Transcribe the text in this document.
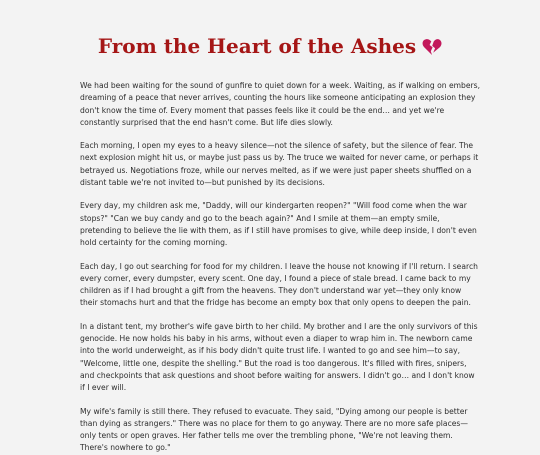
From the Heart of the Ashes

We had been waiting for the sound of gunfire to quiet down for a week. Waiting, as if walking on embers, dreaming of a peace that never arrives, counting the hours like someone anticipating an explosion they don't know the time of. Every moment that passes feels like it could be the end… and yet we're constantly surprised that the end hasn't come. But life dies slowly.

Each morning, I open my eyes to a heavy silence—not the silence of safety, but the silence of fear. The next explosion might hit us, or maybe just pass us by. The truce we waited for never came, or perhaps it betrayed us. Negotiations froze, while our nerves melted, as if we were just paper sheets shuffled on a distant table we're not invited to—but punished by its decisions.

Every day, my children ask me, "Daddy, will our kindergarten reopen?" "Will food come when the war stops?" "Can we buy candy and go to the beach again?" And I smile at them—an empty smile, pretending to believe the lie with them, as if I still have promises to give, while deep inside, I don't even hold certainty for the coming morning.

Each day, I go out searching for food for my children. I leave the house not knowing if I'll return. I search every corner, every dumpster, every scent. One day, I found a piece of stale bread. I came back to my children as if I had brought a gift from the heavens. They don't understand war yet—they only know their stomachs hurt and that the fridge has become an empty box that only opens to deepen the pain.

In a distant tent, my brother's wife gave birth to her child. My brother and I are the only survivors of this genocide. He now holds his baby in his arms, without even a diaper to wrap him in. The newborn came into the world underweight, as if his body didn't quite trust life. I wanted to go and see him—to say, "Welcome, little one, despite the shelling." But the road is too dangerous. It's filled with fires, snipers, and checkpoints that ask questions and shoot before waiting for answers. I didn't go… and I don't know if I ever will.

My wife's family is still there. They refused to evacuate. They said, "Dying among our people is better than dying as strangers." There was no place for them to go anyway. There are no more safe places—only tents or open graves. Her father tells me over the trembling phone, "We're not leaving them. There's nowhere to go."
